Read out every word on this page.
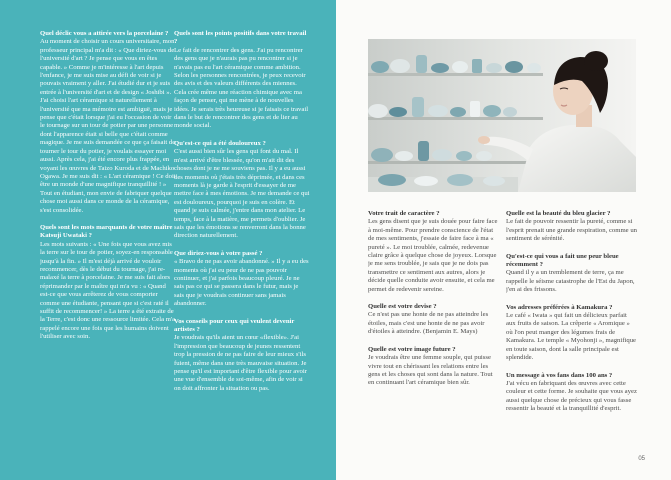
Quel déclic vous a attirée vers la porcelaine ?

Au moment de choisir un cours universitaire, mon professeur principal m'a dit : « Que diriez-vous de l'université d'art ? Je pense que vous en êtes capable. » Comme je m'intéresse à l'art depuis l'enfance, je me suis mise au défi de voir si je pouvais vraiment y aller. J'ai étudié dur et je suis entrée à l'université d'art et de design « Joshibi ». J'ai choisi l'art céramique si naturellement à l'université que ma mémoire est ambiguë, mais je pense que c'était lorsque j'ai eu l'occasion de voir le tournage sur un tour de potier par une personne dont l'apparence était si belle que c'était comme magique. Je me suis demandée ce que ça faisait de tourner le tour du potier, je voulais essayer moi aussi. Après cela, j'ai été encore plus frappée, en voyant les œuvres de Taizo Kuroda et de Machiko Ogawa. Je me suis dit : « L'art céramique ! Ce doit être un monde d'une magnifique tranquillité ! » Tout en étudiant, mon envie de fabriquer quelque chose moi aussi dans ce monde de la céramique, s'est consolidée.

Quels sont les mots marquants de votre maître Katsuji Uwataki ?

Les mots suivants : « Une fois que vous avez mis la terre sur le tour de potier, soyez-en responsable jusqu'à la fin. » Il m'est déjà arrivé de vouloir recommencer, dès le début du tournage, j'ai re-malaxé la terre à porcelaine. Je me suis fait alors réprimander par le maître qui m'a vu : « Quand est-ce que vous arrêterez de vous comporter comme une étudiante, pensant que si c'est raté il suffit de recommencer! » La terre a été extraite de la Terre, c'est donc une ressource limitée. Cela m'a rappelé encore une fois que les humains doivent l'utiliser avec soin.

Quels sont les points positifs dans votre travail ?

Le fait de rencontrer des gens. J'ai pu rencontrer des gens que je n'aurais pas pu rencontrer si je n'avais pas eu l'art céramique comme ambition. Selon les personnes rencontrées, je peux recevoir des avis et des valeurs différents des miennes. Cela crée même une réaction chimique avec ma façon de penser, qui me mène à de nouvelles idées. Je serais très heureuse si je faisais ce travail dans le but de rencontrer des gens et de lier au monde social.

Qu'est-ce qui a été douloureux ?

C'est aussi bien sûr les gens qui font du mal. Il m'est arrivé d'être blessée, qu'on m'ait dit des choses dont je ne me souviens pas. Il y a eu aussi des moments où j'étais très déprimée, et dans ces moments là je garde à l'esprit d'essayer de me mettre face à mes émotions. Je me demande ce qui est douloureux, pourquoi je suis en colère. Et quand je suis calmée, j'entre dans mon atelier. Le temps, face à la matière, me permets d'oublier. Je sais que les émotions se renverront dans la bonne direction naturellement.

Que diriez-vous à votre passé ?

« Bravo de ne pas avoir abandonné. » Il y a eu des moments où j'ai eu peur de ne pas pouvoir continuer, et j'ai parfois beaucoup pleuré. Je ne sais pas ce qui se passera dans le futur, mais je sais que je voudrais continuer sans jamais abandonner.

Vos conseils pour ceux qui veulent devenir artistes ?

Je voudrais qu'ils aient un cœur «flexible». J'ai l'impression que beaucoup de jeunes ressentent trop la pression de ne pas faire de leur mieux s'ils fuient, même dans une très mauvaise situation. Je pense qu'il est important d'être flexible pour avoir une vue d'ensemble de soi-même, afin de voir si on doit affronter la situation ou pas.

Votre trait de caractère ?

Les gens disent que je suis douée pour faire face à moi-même. Pour prendre conscience de l'état de mes sentiments, j'essaie de faire face à ma « pureté ». Le moi troublée, calmée, redevenue claire grâce à quelque chose de joyeux. Lorsque je me sens troublée, je sais que je ne dois pas transmettre ce sentiment aux autres, alors je décide quelle conduite avoir ensuite, et cela me permet de redevenir sereine.

Quelle est votre devise ?

Ce n'est pas une honte de ne pas atteindre les étoiles, mais c'est une honte de ne pas avoir d'étoiles à atteindre. (Benjamin E. Mays)

Quelle est votre image future ?

Je voudrais être une femme souple, qui puisse vivre tout en chérissant les relations entre les gens et les choses qui sont dans la nature. Tout en continuant l'art céramique bien sûr.

Quelle est la beauté du bleu glacier ?

Le fait de pouvoir ressentir la pureté, comme si l'esprit prenait une grande respiration, comme un sentiment de sérénité.

Qu'est-ce qui vous a fait une peur bleue récemment ?

Quand il y a un tremblement de terre, ça me rappelle le séisme catastrophe de l'Est du Japon, j'en ai des frissons.

Vos adresses préférées à Kamakura ?

Le café « Iwata » qui fait un délicieux parfait aux fruits de saison. La crêperie « Aromique » où l'on peut manger des légumes frais de Kamakura. Le temple « Myohonji », magnifique en toute saison, dont la salle principale est splendide.

Un message à vos fans dans 100 ans ?

J'ai vécu en fabriquant des œuvres avec cette couleur et cette forme. Je souhaite que vous ayez aussi quelque chose de précieux qui vous fasse ressentir la beauté et la tranquillité d'esprit.

05
